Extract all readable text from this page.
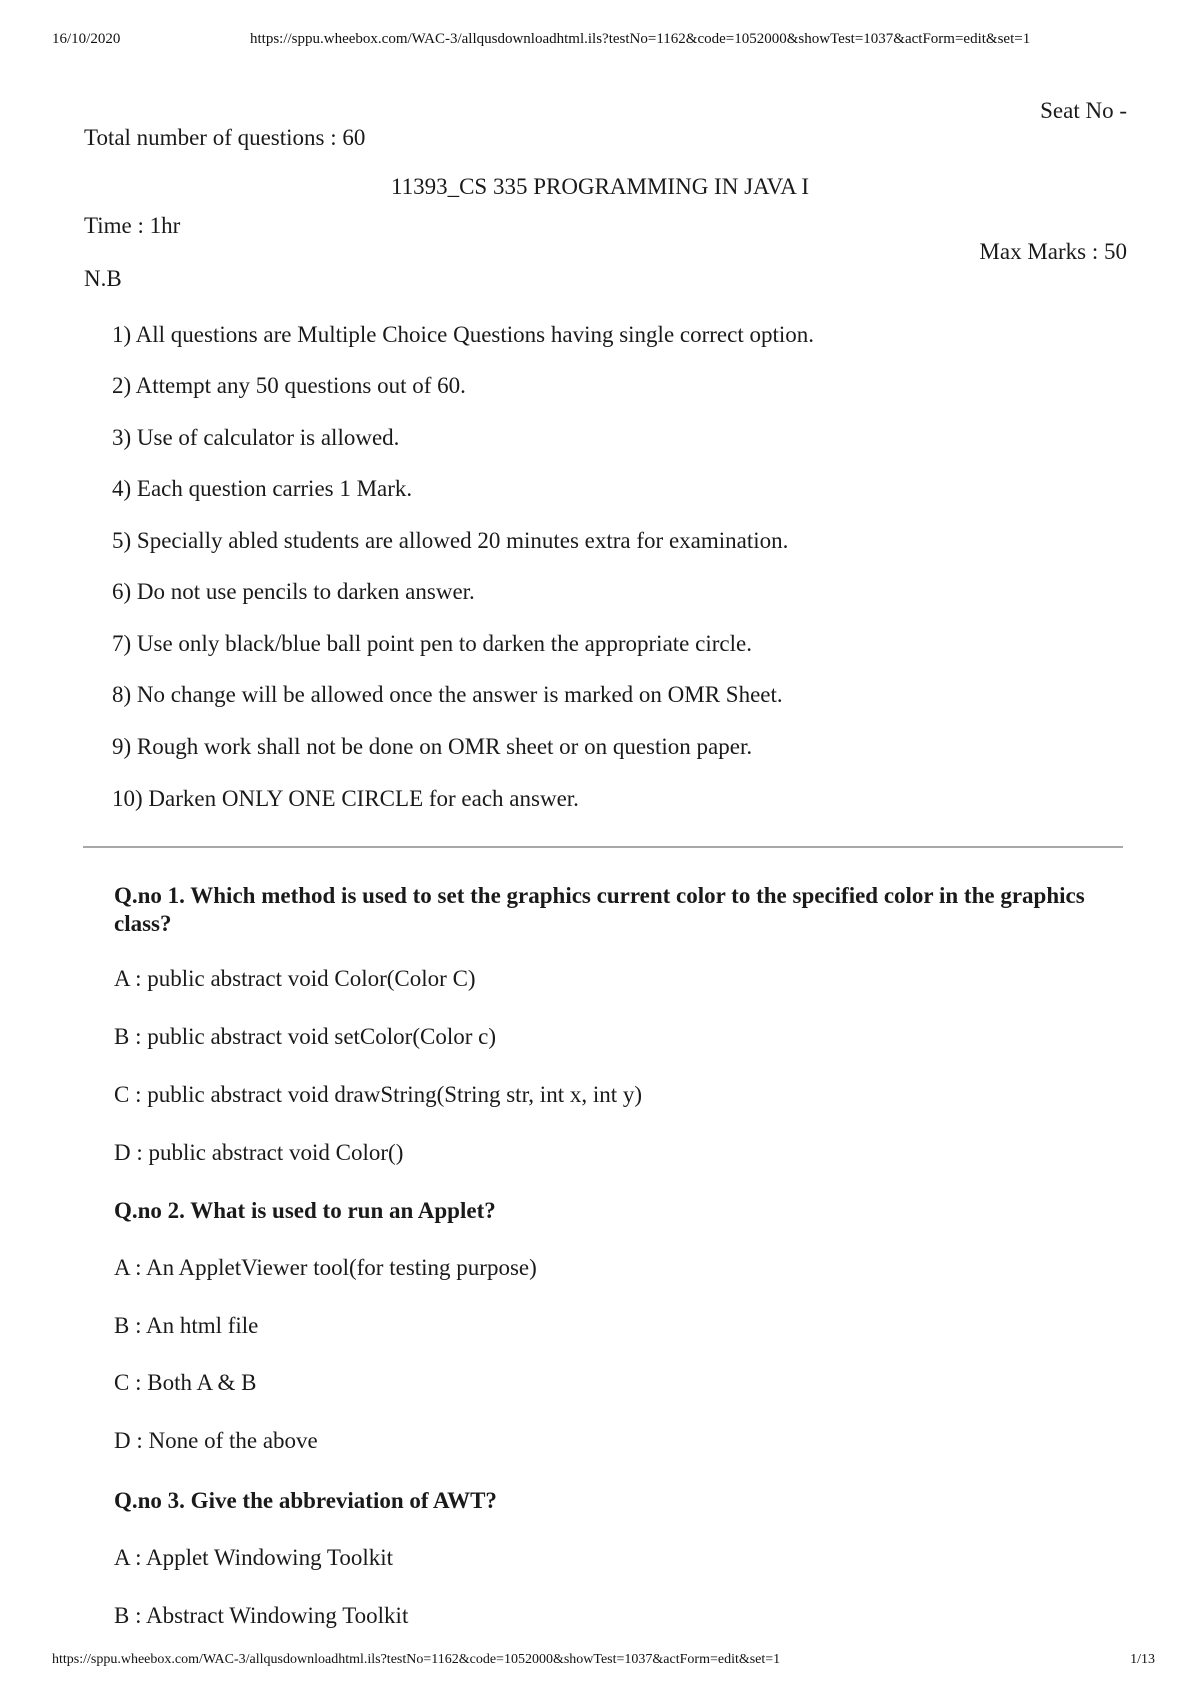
16/10/2020	https://sppu.wheebox.com/WAC-3/allqusdownloadhtml.ils?testNo=1162&code=1052000&showTest=1037&actForm=edit&set=1
Seat No -
Total number of questions : 60
11393_CS 335 PROGRAMMING IN JAVA I
Time : 1hr
Max Marks : 50
N.B
1) All questions are Multiple Choice Questions having single correct option.
2) Attempt any 50 questions out of 60.
3) Use of calculator is allowed.
4) Each question carries 1 Mark.
5) Specially abled students are allowed 20 minutes extra for examination.
6) Do not use pencils to darken answer.
7) Use only black/blue ball point pen to darken the appropriate circle.
8) No change will be allowed once the answer is marked on OMR Sheet.
9) Rough work shall not be done on OMR sheet or on question paper.
10) Darken ONLY ONE CIRCLE for each answer.
Q.no 1. Which method is used to set the graphics current color to the specified color in the graphics class?
A : public abstract void Color(Color C)
B : public abstract void setColor(Color c)
C : public abstract void drawString(String str, int x, int y)
D : public abstract void Color()
Q.no 2. What is used to run an Applet?
A : An AppletViewer tool(for testing purpose)
B : An html file
C : Both A & B
D : None of the above
Q.no 3. Give the abbreviation of AWT?
A : Applet Windowing Toolkit
B : Abstract Windowing Toolkit
https://sppu.wheebox.com/WAC-3/allqusdownloadhtml.ils?testNo=1162&code=1052000&showTest=1037&actForm=edit&set=1	1/13
